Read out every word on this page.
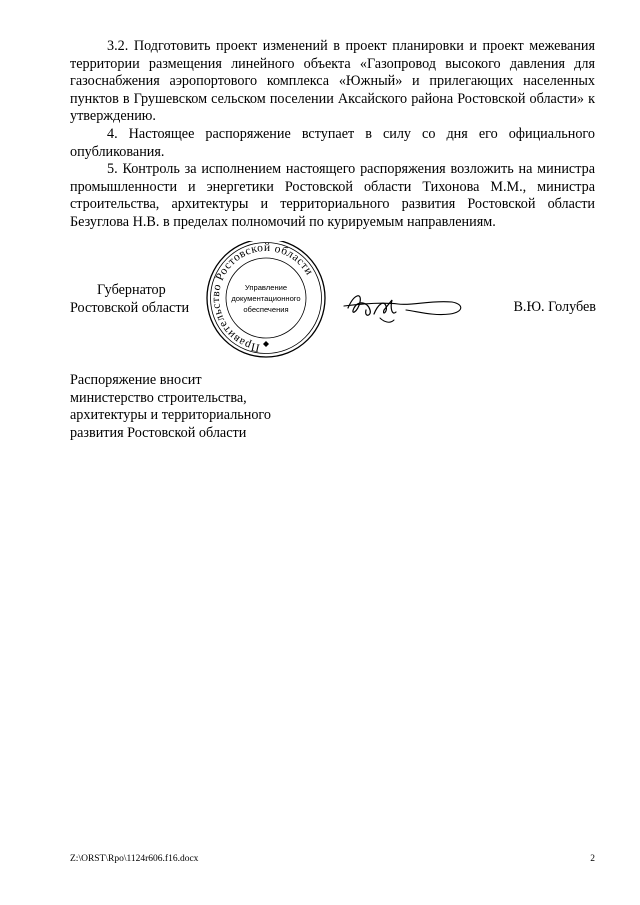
3.2. Подготовить проект изменений в проект планировки и проект межевания территории размещения линейного объекта «Газопровод высокого давления для газоснабжения аэропортового комплекса «Южный» и прилегающих населенных пунктов в Грушевском сельском поселении Аксайского района Ростовской области» к утверждению.

4. Настоящее распоряжение вступает в силу со дня его официального опубликования.

5. Контроль за исполнением настоящего распоряжения возложить на министра промышленности и энергетики Ростовской области Тихонова М.М., министра строительства, архитектуры и территориального развития Ростовской области Безуглова Н.В. в пределах полномочий по курируемым направлениям.

Губернатор
Ростовской области
Правительство Ростовской области
Управление
документационного
обеспечения	В.Ю. Голубев
Распоряжение вносит
министерство строительства,
архитектуры и территориального
развития Ростовской области
Z:\ORST\Rpo\1124r606.f16.docx	2
